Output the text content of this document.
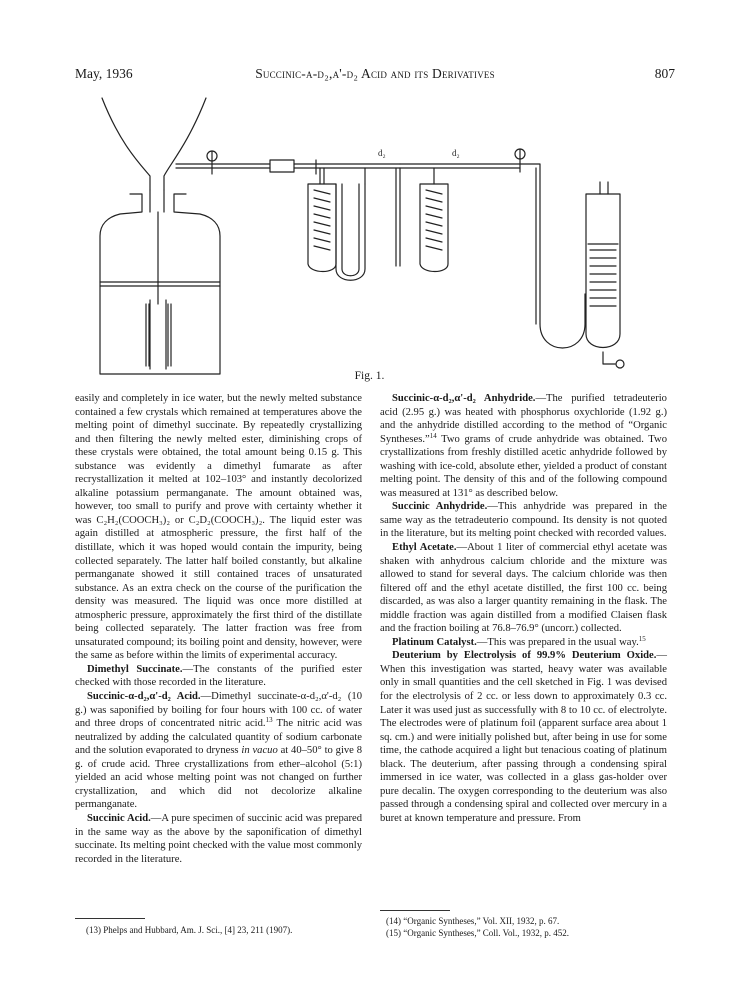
May, 1936	Succinic-α-d₂,α'-d₂ Acid and its Derivatives	807
d₂	d₂
Fig. 1.

easily and completely in ice water, but the newly melted substance contained a few crystals which remained at temperatures above the melting point of dimethyl succinate. By repeatedly crystallizing and then filtering the newly melted ester, diminishing crops of these crystals were obtained, the total amount being 0.15 g. This substance was evidently a dimethyl fumarate as after recrystallization it melted at 102–103° and instantly decolorized alkaline potassium permanganate. The amount obtained was, however, too small to purify and prove with certainty whether it was C₂H₂(COOCH₃)₂ or C₂D₂(COOCH₃)₂. The liquid ester was again distilled at atmospheric pressure, the first half of the distillate, which it was hoped would contain the impurity, being collected separately. The latter half boiled constantly, but alkaline permanganate showed it still contained traces of unsaturated substance. As an extra check on the course of the purification the density was measured. The liquid was once more distilled at atmospheric pressure, approximately the first third of the distillate being collected separately. The latter fraction was free from unsaturated compound; its boiling point and density, however, were the same as before within the limits of experimental accuracy.

Dimethyl Succinate.—The constants of the purified ester checked with those recorded in the literature.

Succinic-α-d₂,α'-d₂ Acid.—Dimethyl succinate-α-d₂,α'-d₂ (10 g.) was saponified by boiling for four hours with 100 cc. of water and three drops of concentrated nitric acid.$^{13}$ The nitric acid was neutralized by adding the calculated quantity of sodium carbonate and the solution evaporated to dryness in vacuo at 40–50° to give 8 g. of crude acid. Three crystallizations from ether–alcohol (5:1) yielded an acid whose melting point was not changed on further crystallization, and which did not decolorize alkaline permanganate.

Succinic Acid.—A pure specimen of succinic acid was prepared in the same way as the above by the saponification of dimethyl succinate. Its melting point checked with the value most commonly recorded in the literature.

Succinic-α-d₂,α'-d₂ Anhydride.—The purified tetradeuterio acid (2.95 g.) was heated with phosphorus oxychloride (1.92 g.) and the anhydride distilled according to the method of “Organic Syntheses.”$^{14}$ Two grams of crude anhydride was obtained. Two crystallizations from freshly distilled acetic anhydride followed by washing with ice-cold, absolute ether, yielded a product of constant melting point. The density of this and of the following compound was measured at 131° as described below.

Succinic Anhydride.—This anhydride was prepared in the same way as the tetradeuterio compound. Its density is not quoted in the literature, but its melting point checked with recorded values.

Ethyl Acetate.—About 1 liter of commercial ethyl acetate was shaken with anhydrous calcium chloride and the mixture was allowed to stand for several days. The calcium chloride was then filtered off and the ethyl acetate distilled, the first 100 cc. being discarded, as was also a larger quantity remaining in the flask. The middle fraction was again distilled from a modified Claisen flask and the fraction boiling at 76.8–76.9° (uncorr.) collected.

Platinum Catalyst.—This was prepared in the usual way.$^{15}$

Deuterium by Electrolysis of 99.9% Deuterium Oxide.— When this investigation was started, heavy water was available only in small quantities and the cell sketched in Fig. 1 was devised for the electrolysis of 2 cc. or less down to approximately 0.3 cc. Later it was used just as successfully with 8 to 10 cc. of electrolyte. The electrodes were of platinum foil (apparent surface area about 1 sq. cm.) and were initially polished but, after being in use for some time, the cathode acquired a light but tenacious coating of platinum black. The deuterium, after passing through a condensing spiral immersed in ice water, was collected in a glass gas-holder over pure decalin. The oxygen corresponding to the deuterium was also passed through a condensing spiral and collected over mercury in a buret at known temperature and pressure. From

(13) Phelps and Hubbard, Am. J. Sci., [4] 23, 211 (1907).
(14) “Organic Syntheses,” Vol. XII, 1932, p. 67.
(15) “Organic Syntheses,” Coll. Vol., 1932, p. 452.
